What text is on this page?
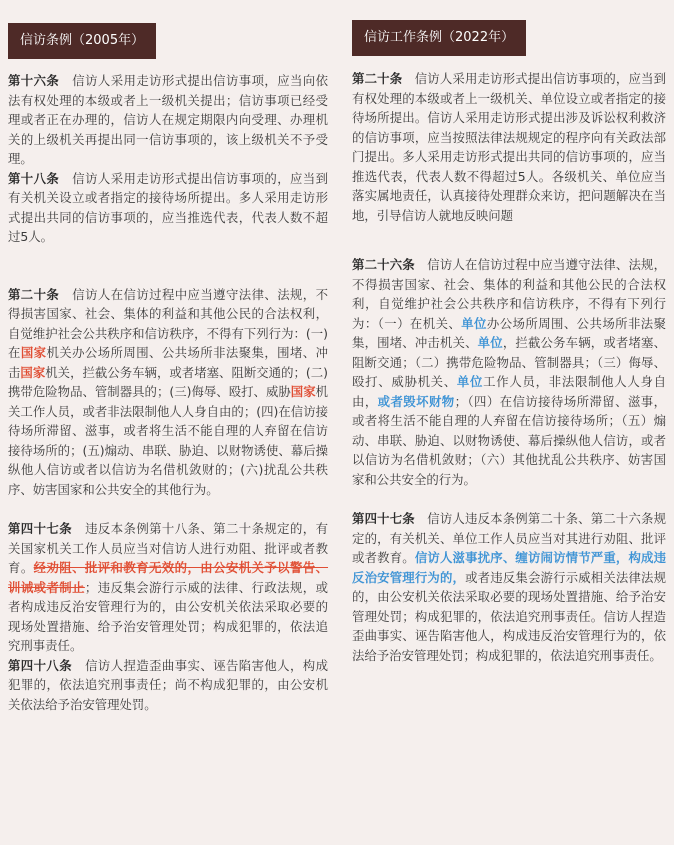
信访条例（2005年）

第十六条 信访人采用走访形式提出信访事项，应当向依法有权处理的本级或者上一级机关提出；信访事项已经受理或者正在办理的，信访人在规定期限内向受理、办理机关的上级机关再提出同一信访事项的，该上级机关不予受理。

第十八条 信访人采用走访形式提出信访事项的，应当到有关机关设立或者指定的接待场所提出。多人采用走访形式提出共同的信访事项的，应当推选代表，代表人数不超过5人。

第二十条 信访人在信访过程中应当遵守法律、法规，不得损害国家、社会、集体的利益和其他公民的合法权利，自觉维护社会公共秩序和信访秩序，不得有下列行为：(一)在国家机关办公场所周围、公共场所非法聚集，围堵、冲击国家机关，拦截公务车辆，或者堵塞、阻断交通的；(二)携带危险物品、管制器具的；(三)侮辱、殴打、威胁国家机关工作人员，或者非法限制他人人身自由的；(四)在信访接待场所滞留、滋事，或者将生活不能自理的人弃留在信访接待场所的；(五)煽动、串联、胁迫、以财物诱使、幕后操纵他人信访或者以信访为名借机敛财的；(六)扰乱公共秩序、妨害国家和公共安全的其他行为。

第四十七条 违反本条例第十八条、第二十条规定的，有关国家机关工作人员应当对信访人进行劝阻、批评或者教育。经劝阻、批评和教育无效的，由公安机关予以警告、训诫或者制止；违反集会游行示威的法律、行政法规，或者构成违反治安管理行为的，由公安机关依法采取必要的现场处置措施、给予治安管理处罚；构成犯罪的，依法追究刑事责任。

第四十八条 信访人捏造歪曲事实、诬告陷害他人，构成犯罪的，依法追究刑事责任；尚不构成犯罪的，由公安机关依法给予治安管理处罚。

信访工作条例（2022年）

第二十条 信访人采用走访形式提出信访事项的，应当到有权处理的本级或者上一级机关、单位设立或者指定的接待场所提出。信访人采用走访形式提出涉及诉讼权利救济的信访事项，应当按照法律法规规定的程序向有关政法部门提出。多人采用走访形式提出共同的信访事项的，应当推选代表，代表人数不得超过5人。各级机关、单位应当落实属地责任，认真接待处理群众来访，把问题解决在当地，引导信访人就地反映问题

第二十六条 信访人在信访过程中应当遵守法律、法规，不得损害国家、社会、集体的利益和其他公民的合法权利，自觉维护社会公共秩序和信访秩序，不得有下列行为：（一）在机关、单位办公场所周围、公共场所非法聚集，围堵、冲击机关、单位，拦截公务车辆，或者堵塞、阻断交通；（二）携带危险物品、管制器具；（三）侮辱、殴打、威胁机关、单位工作人员，非法限制他人人身自由，或者毁坏财物；（四）在信访接待场所滞留、滋事，或者将生活不能自理的人弃留在信访接待场所；（五）煽动、串联、胁迫、以财物诱使、幕后操纵他人信访，或者以信访为名借机敛财；（六）其他扰乱公共秩序、妨害国家和公共安全的行为。

第四十七条 信访人违反本条例第二十条、第二十六条规定的，有关机关、单位工作人员应当对其进行劝阻、批评或者教育。信访人滋事扰序、缠访闹访情节严重，构成违反治安管理行为的，或者违反集会游行示威相关法律法规的，由公安机关依法采取必要的现场处置措施、给予治安管理处罚；构成犯罪的，依法追究刑事责任。信访人捏造歪曲事实、诬告陷害他人，构成违反治安管理行为的，依法给予治安管理处罚；构成犯罪的，依法追究刑事责任。
